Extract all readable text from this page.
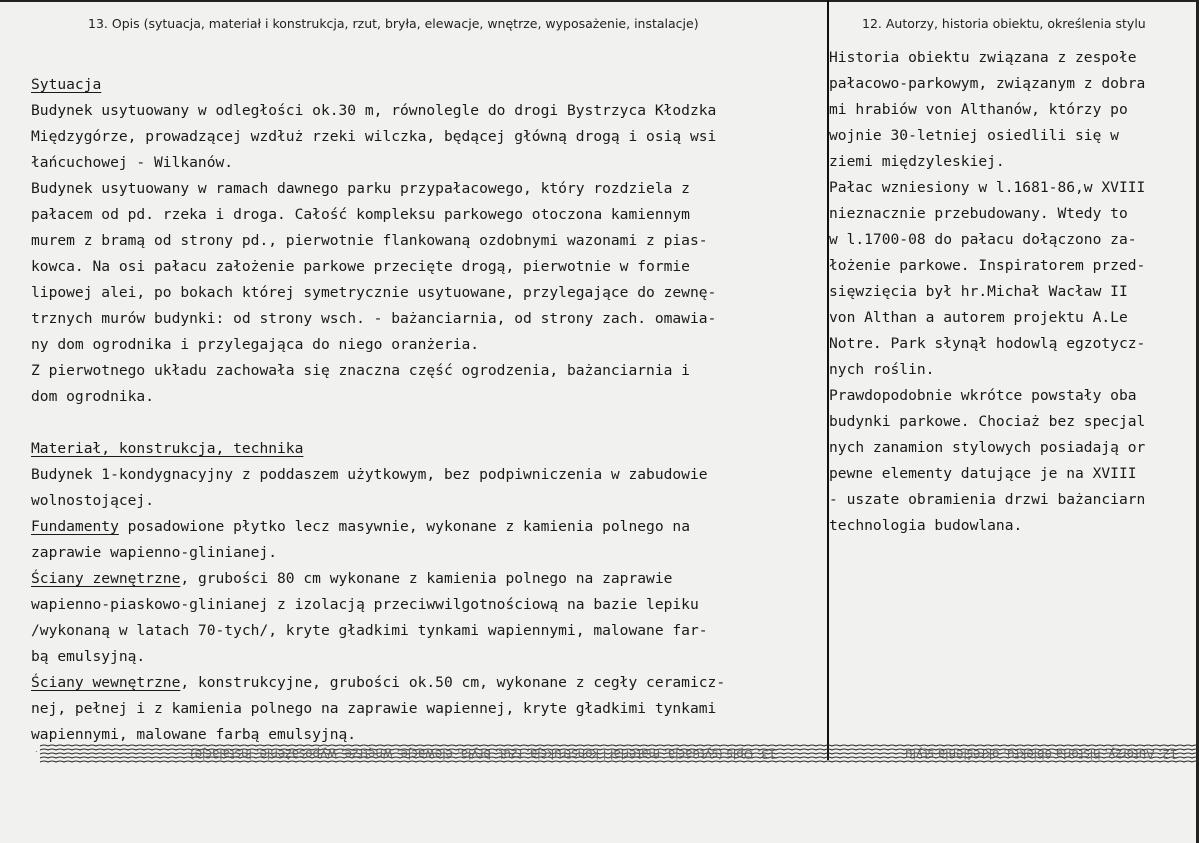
13. Opis (sytuacja, materiał i konstrukcja, rzut, bryła, elewacje, wnętrze, wyposażenie, instalacje)	12. Autorzy, historia obiektu, określenia stylu
Sytuacja
Budynek usytuowany w odległości ok.30 m, równolegle do drogi Bystrzyca Kłodzka
Międzygórze, prowadzącej wzdłuż rzeki wilczka, będącej główną drogą i osią wsi
łańcuchowej - Wilkanów.
Budynek usytuowany w ramach dawnego parku przypałacowego, który rozdziela z
pałacem od pd. rzeka i droga. Całość kompleksu parkowego otoczona kamiennym
murem z bramą od strony pd., pierwotnie flankowaną ozdobnymi wazonami z pias-
kowca. Na osi pałacu założenie parkowe przecięte drogą, pierwotnie w formie
lipowej alei, po bokach której symetrycznie usytuowane, przylegające do zewnę-
trznych murów budynki: od strony wsch. - bażanciarnia, od strony zach. omawia-
ny dom ogrodnika i przylegająca do niego oranżeria.
Z pierwotnego układu zachowała się znaczna część ogrodzenia, bażanciarnia i
dom ogrodnika.
Materiał, konstrukcja, technika
Budynek 1-kondygnacyjny z poddaszem użytkowym, bez podpiwniczenia w zabudowie
wolnostojącej.
Fundamenty posadowione płytko lecz masywnie, wykonane z kamienia polnego na
zaprawie wapienno-glinianej.
Ściany zewnętrzne, grubości 80 cm wykonane z kamienia polnego na zaprawie
wapienno-piaskowo-glinianej z izolacją przeciwwilgotnościową na bazie lepiku
/wykonaną w latach 70-tych/, kryte gładkimi tynkami wapiennymi, malowane far-
bą emulsyjną.
Ściany wewnętrzne, konstrukcyjne, grubości ok.50 cm, wykonane z cegły ceramicz-
nej, pełnej i z kamienia polnego na zaprawie wapiennej, kryte gładkimi tynkami
wapiennymi, malowane farbą emulsyjną.
Historia obiektu związana z zespołe
pałacowo-parkowym, związanym z dobra
mi hrabiów von Althanów, którzy po
wojnie 30-letniej osiedlili się w
ziemi międzyleskiej.
Pałac wzniesiony w l.1681-86,w XVIII
nieznacznie przebudowany. Wtedy to
w l.1700-08 do pałacu dołączono za-
łożenie parkowe. Inspiratorem przed-
sięwzięcia był hr.Michał Wacław II
von Althan a autorem projektu A.Le
Notre. Park słynął hodowlą egzotycz-
nych roślin.
Prawdopodobnie wkrótce powstały oba
budynki parkowe. Chociaż bez specjal
nych zanamion stylowych posiadają or
pewne elementy datujące je na XVIII
- uszate obramienia drzwi bażanciarn
technologia budowlana.
13. Opis (sytuacja, materiał i konstrukcja, rzut, bryła, elewacje, wnętrze, wyposażenie, instalacje)	12. Autorzy, historia obiektu, określenia stylu
